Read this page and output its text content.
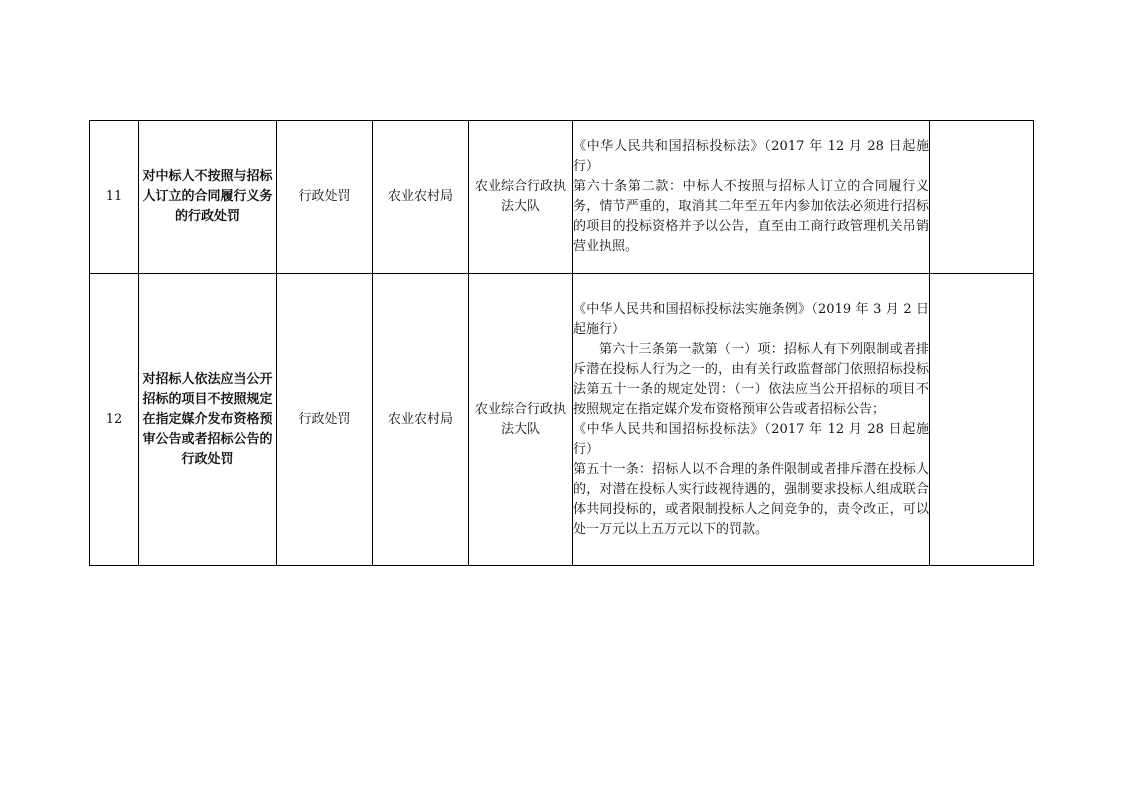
11	对中标人不按照与招标人订立的合同履行义务的行政处罚	行政处罚	农业农村局	农业综合行政执法大队	《中华人民共和国招标投标法》（2017 年 12 月 28 日起施行）
第六十条第二款：中标人不按照与招标人订立的合同履行义务，情节严重的，取消其二年至五年内参加依法必须进行招标的项目的投标资格并予以公告，直至由工商行政管理机关吊销营业执照。	

12	对招标人依法应当公开招标的项目不按照规定在指定媒介发布资格预审公告或者招标公告的行政处罚	行政处罚	农业农村局	农业综合行政执法大队	《中华人民共和国招标投标法实施条例》（2019 年 3 月 2 日起施行）
第六十三条第一款第（一）项：招标人有下列限制或者排斥潜在投标人行为之一的，由有关行政监督部门依照招标投标法第五十一条的规定处罚：（一）依法应当公开招标的项目不按照规定在指定媒介发布资格预审公告或者招标公告；
《中华人民共和国招标投标法》（2017 年 12 月 28 日起施行）
第五十一条：招标人以不合理的条件限制或者排斥潜在投标人的，对潜在投标人实行歧视待遇的，强制要求投标人组成联合体共同投标的，或者限制投标人之间竞争的，责令改正，可以处一万元以上五万元以下的罚款。	
